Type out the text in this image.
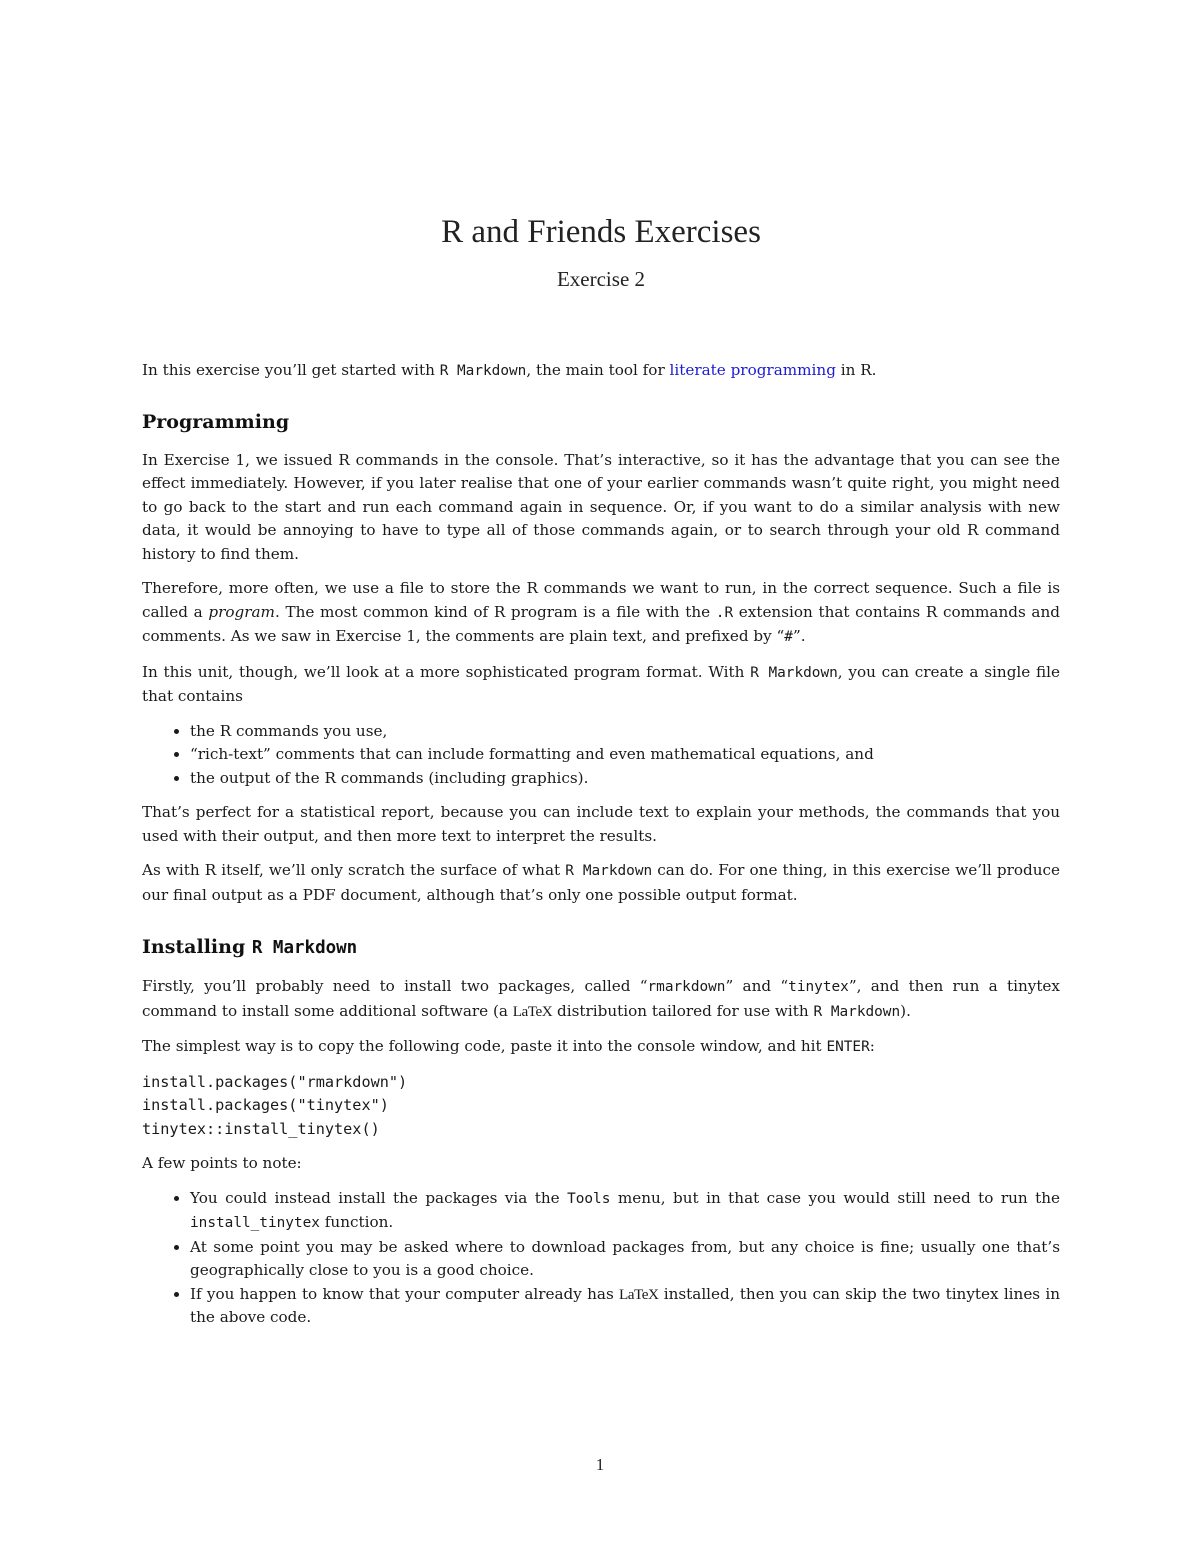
R and Friends Exercises
Exercise 2

In this exercise you’ll get started with R Markdown, the main tool for literate programming in R.

Programming

In Exercise 1, we issued R commands in the console. That’s interactive, so it has the advantage that you can see the effect immediately. However, if you later realise that one of your earlier commands wasn’t quite right, you might need to go back to the start and run each command again in sequence. Or, if you want to do a similar analysis with new data, it would be annoying to have to type all of those commands again, or to search through your old R command history to find them.

Therefore, more often, we use a file to store the R commands we want to run, in the correct sequence. Such a file is called a program. The most common kind of R program is a file with the .R extension that contains R commands and comments. As we saw in Exercise 1, the comments are plain text, and prefixed by “#”.

In this unit, though, we’ll look at a more sophisticated program format. With R Markdown, you can create a single file that contains

• the R commands you use,
• “rich-text” comments that can include formatting and even mathematical equations, and
• the output of the R commands (including graphics).

That’s perfect for a statistical report, because you can include text to explain your methods, the commands that you used with their output, and then more text to interpret the results.

As with R itself, we’ll only scratch the surface of what R Markdown can do. For one thing, in this exercise we’ll produce our final output as a PDF document, although that’s only one possible output format.

Installing R Markdown

Firstly, you’ll probably need to install two packages, called “rmarkdown” and “tinytex”, and then run a tinytex command to install some additional software (a LaTeX distribution tailored for use with R Markdown).

The simplest way is to copy the following code, paste it into the console window, and hit ENTER:

install.packages("rmarkdown")
install.packages("tinytex")
tinytex::install_tinytex()

A few points to note:

• You could instead install the packages via the Tools menu, but in that case you would still need to run the install_tinytex function.
• At some point you may be asked where to download packages from, but any choice is fine; usually one that’s geographically close to you is a good choice.
• If you happen to know that your computer already has LaTeX installed, then you can skip the two tinytex lines in the above code.
1
